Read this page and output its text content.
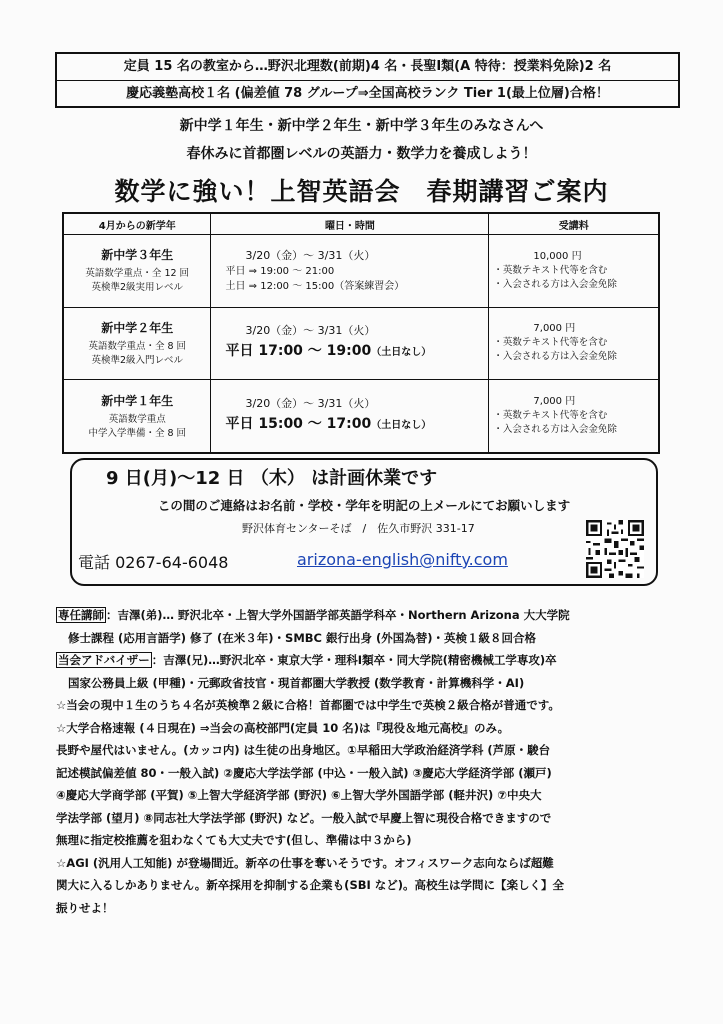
定員 15 名の教室から…野沢北理数(前期)4 名・長聖Ⅰ類(A 特待：授業料免除)2 名
慶応義塾高校１名 (偏差値 78 グループ⇒全国高校ランク Tier 1(最上位層)合格！
新中学１年生・新中学２年生・新中学３年生のみなさんへ
春休みに首都圏レベルの英語力・数学力を養成しよう！
数学に強い！上智英語会　春期講習ご案内
4月からの新学年	曜日・時間	受講料

新中学３年生
英語数学重点・全 12 回
英検準2級実用レベル	3/20（金）～ 3/31（火）
平日 ⇒ 19:00 ～ 21:00
土日 ⇒ 12:00 ～ 15:00（答案練習会）	10,000 円
・英数テキスト代等を含む
・入会される方は入会金免除

新中学２年生
英語数学重点・全 8 回
英検準2級入門レベル	3/20（金）～ 3/31（火）
平日 17:00 ～ 19:00（土日なし）	7,000 円
・英数テキスト代等を含む
・入会される方は入会金免除

新中学１年生
英語数学重点
中学入学準備・全 8 回	3/20（金）～ 3/31（火）
平日 15:00 ～ 17:00（土日なし）	7,000 円
・英数テキスト代等を含む
・入会される方は入会金免除
9 日(月)～12 日 （木） は計画休業です
この間のご連絡はお名前・学校・学年を明記の上メールにてお願いします
野沢体育センターそば　/　佐久市野沢 331-17
電話 0267-64-6048	arizona-english@nifty.com

専任講師 ：吉澤(弟)… 野沢北卒・上智大学外国語学部英語学科卒・Northern Arizona 大大学院

修士課程 (応用言語学) 修了 (在米３年)・SMBC 銀行出身 (外国為替)・英検１級８回合格

当会アドバイザー ：吉澤(兄)…野沢北卒・東京大学・理科Ⅰ類卒・同大学院(精密機械工学専攻)卒

国家公務員上級 (甲種)・元郵政省技官・現首都圏大学教授 (数学教育・計算機科学・AI)

☆当会の現中１生のうち４名が英検準２級に合格！首都圏では中学生で英検２級合格が普通です。

☆大学合格速報 (４日現在) ⇒当会の高校部門(定員 10 名)は『現役＆地元高校』のみ。

長野や屋代はいません。(カッコ内) は生徒の出身地区。①早稲田大学政治経済学科 (芦原・駿台

記述模試偏差値 80・一般入試) ②慶応大学法学部 (中込・一般入試) ③慶応大学経済学部 (瀬戸)

④慶応大学商学部 (平賀) ⑤上智大学経済学部 (野沢) ⑥上智大学外国語学部 (軽井沢) ⑦中央大

学法学部 (望月) ⑧同志社大学法学部 (野沢) など。一般入試で早慶上智に現役合格できますので

無理に指定校推薦を狙わなくても大丈夫です(但し、準備は中３から)

☆AGI (汎用人工知能) が登場間近。新卒の仕事を奪いそうです。オフィスワーク志向ならば超難

関大に入るしかありません。新卒採用を抑制する企業も(SBI など)。高校生は学問に【楽しく】全

振りせよ！
